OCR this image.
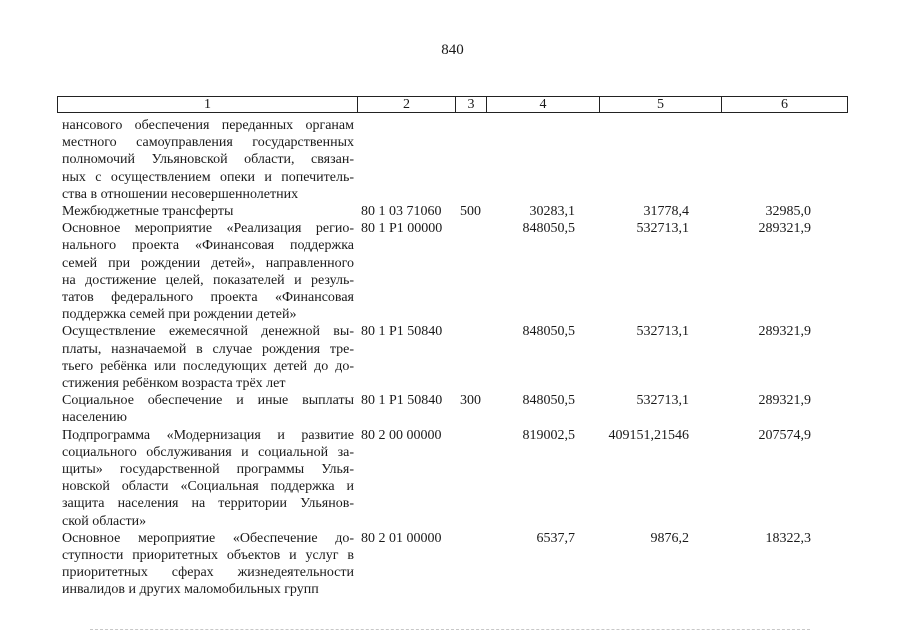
840
1	2	3	4	5	6
нансового обеспечения переданных органам
местного самоуправления государственных
полномочий Ульяновской области, связан-
ных с осуществлением опеки и попечитель-
ства в отношении несовершеннолетних
Межбюджетные трансферты	80 1 03 71060 500	30283,1	31778,4	32985,0
Основное мероприятие «Реализация регио-
нального проекта «Финансовая поддержка
семей при рождении детей», направленного
на достижение целей, показателей и резуль-
татов федерального проекта «Финансовая
поддержка семей при рождении детей»
80 1 P1 00000	848050,5	532713,1	289321,9
Осуществление ежемесячной денежной вы-
платы, назначаемой в случае рождения тре-
тьего ребёнка или последующих детей до до-
стижения ребёнком возраста трёх лет
80 1 P1 50840	848050,5	532713,1	289321,9
Социальное обеспечение и иные выплаты
населению
80 1 P1 50840 300	848050,5	532713,1	289321,9
Подпрограмма «Модернизация и развитие
социального обслуживания и социальной за-
щиты» государственной программы Улья-
новской области «Социальная поддержка и
защита населения на территории Ульянов-
ской области»
80 2 00 00000	819002,5 409151,21546	207574,9
Основное мероприятие «Обеспечение до-
ступности приоритетных объектов и услуг в
приоритетных сферах жизнедеятельности
инвалидов и других маломобильных групп
80 2 01 00000	6537,7	9876,2	18322,3
